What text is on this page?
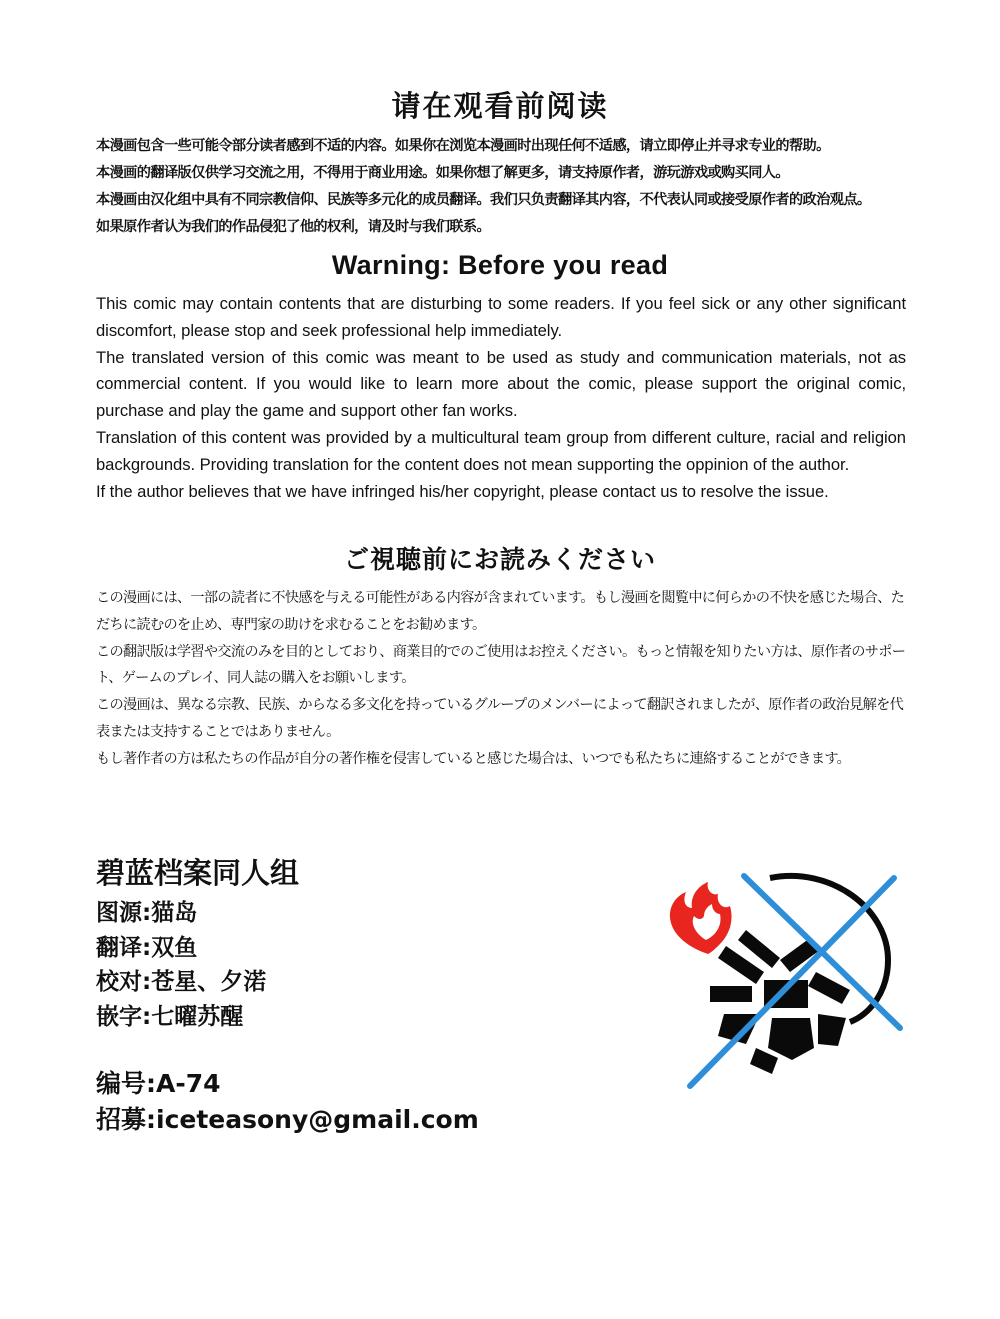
请在观看前阅读

本漫画包含一些可能令部分读者感到不适的内容。如果你在浏览本漫画时出现任何不适感，请立即停止并寻求专业的帮助。

本漫画的翻译版仅供学习交流之用，不得用于商业用途。如果你想了解更多，请支持原作者，游玩游戏或购买同人。

本漫画由汉化组中具有不同宗教信仰、民族等多元化的成员翻译。我们只负责翻译其内容，不代表认同或接受原作者的政治观点。

如果原作者认为我们的作品侵犯了他的权利，请及时与我们联系。

Warning: Before you read

This comic may contain contents that are disturbing to some readers. If you feel sick or any other significant discomfort, please stop and seek professional help immediately.

The translated version of this comic was meant to be used as study and communication materials, not as commercial content. If you would like to learn more about the comic, please support the original comic, purchase and play the game and support other fan works.

Translation of this content was provided by a multicultural team group from different culture, racial and religion backgrounds. Providing translation for the content does not mean supporting the oppinion of the author.

If the author believes that we have infringed his/her copyright, please contact us to resolve the issue.

ご視聴前にお読みください

この漫画には、一部の読者に不快感を与える可能性がある内容が含まれています。もし漫画を閲覧中に何らかの不快を感じた場合、ただちに読むのを止め、専門家の助けを求むることをお勧めます。

この翻訳版は学習や交流のみを目的としており、商業目的でのご使用はお控えください。もっと情報を知りたい方は、原作者のサポート、ゲームのプレイ、同人誌の購入をお願いします。

この漫画は、異なる宗教、民族、からなる多文化を持っているグループのメンバーによって翻訳されましたが、原作者の政治見解を代表または支持することではありません。

もし著作者の方は私たちの作品が自分の著作権を侵害していると感じた場合は、いつでも私たちに連絡することができます。

碧蓝档案同人组

图源:猫岛

翻译:双鱼

校对:苍星、夕渃

嵌字:七曜苏醒

编号:A-74

招募:iceteasony@gmail.com
